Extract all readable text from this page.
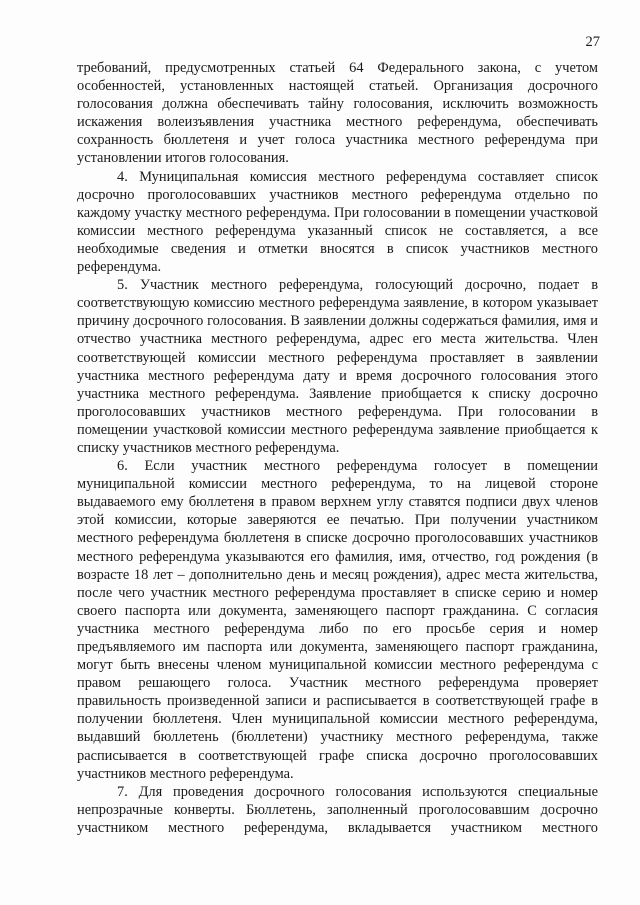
27

требований, предусмотренных статьей 64 Федерального закона, с учетом особенностей, установленных настоящей статьей. Организация досрочного голосования должна обеспечивать тайну голосования, исключить возможность искажения волеизъявления участника местного референдума, обеспечивать сохранность бюллетеня и учет голоса участника местного референдума при установлении итогов голосования.

4. Муниципальная комиссия местного референдума составляет список досрочно проголосовавших участников местного референдума отдельно по каждому участку местного референдума. При голосовании в помещении участковой комиссии местного референдума указанный список не составляется, а все необходимые сведения и отметки вносятся в список участников местного референдума.

5. Участник местного референдума, голосующий досрочно, подает в соответствующую комиссию местного референдума заявление, в котором указывает причину досрочного голосования. В заявлении должны содержаться фамилия, имя и отчество участника местного референдума, адрес его места жительства. Член соответствующей комиссии местного референдума проставляет в заявлении участника местного референдума дату и время досрочного голосования этого участника местного референдума. Заявление приобщается к списку досрочно проголосовавших участников местного референдума. При голосовании в помещении участковой комиссии местного референдума заявление приобщается к списку участников местного референдума.

6. Если участник местного референдума голосует в помещении муниципальной комиссии местного референдума, то на лицевой стороне выдаваемого ему бюллетеня в правом верхнем углу ставятся подписи двух членов этой комиссии, которые заверяются ее печатью. При получении участником местного референдума бюллетеня в списке досрочно проголосовавших участников местного референдума указываются его фамилия, имя, отчество, год рождения (в возрасте 18 лет – дополнительно день и месяц рождения), адрес места жительства, после чего участник местного референдума проставляет в списке серию и номер своего паспорта или документа, заменяющего паспорт гражданина. С согласия участника местного референдума либо по его просьбе серия и номер предъявляемого им паспорта или документа, заменяющего паспорт гражданина, могут быть внесены членом муниципальной комиссии местного референдума с правом решающего голоса. Участник местного референдума проверяет правильность произведенной записи и расписывается в соответствующей графе в получении бюллетеня. Член муниципальной комиссии местного референдума, выдавший бюллетень (бюллетени) участнику местного референдума, также расписывается в соответствующей графе списка досрочно проголосовавших участников местного референдума.

7. Для проведения досрочного голосования используются специальные непрозрачные конверты. Бюллетень, заполненный проголосовавшим досрочно участником местного референдума, вкладывается участником местного
